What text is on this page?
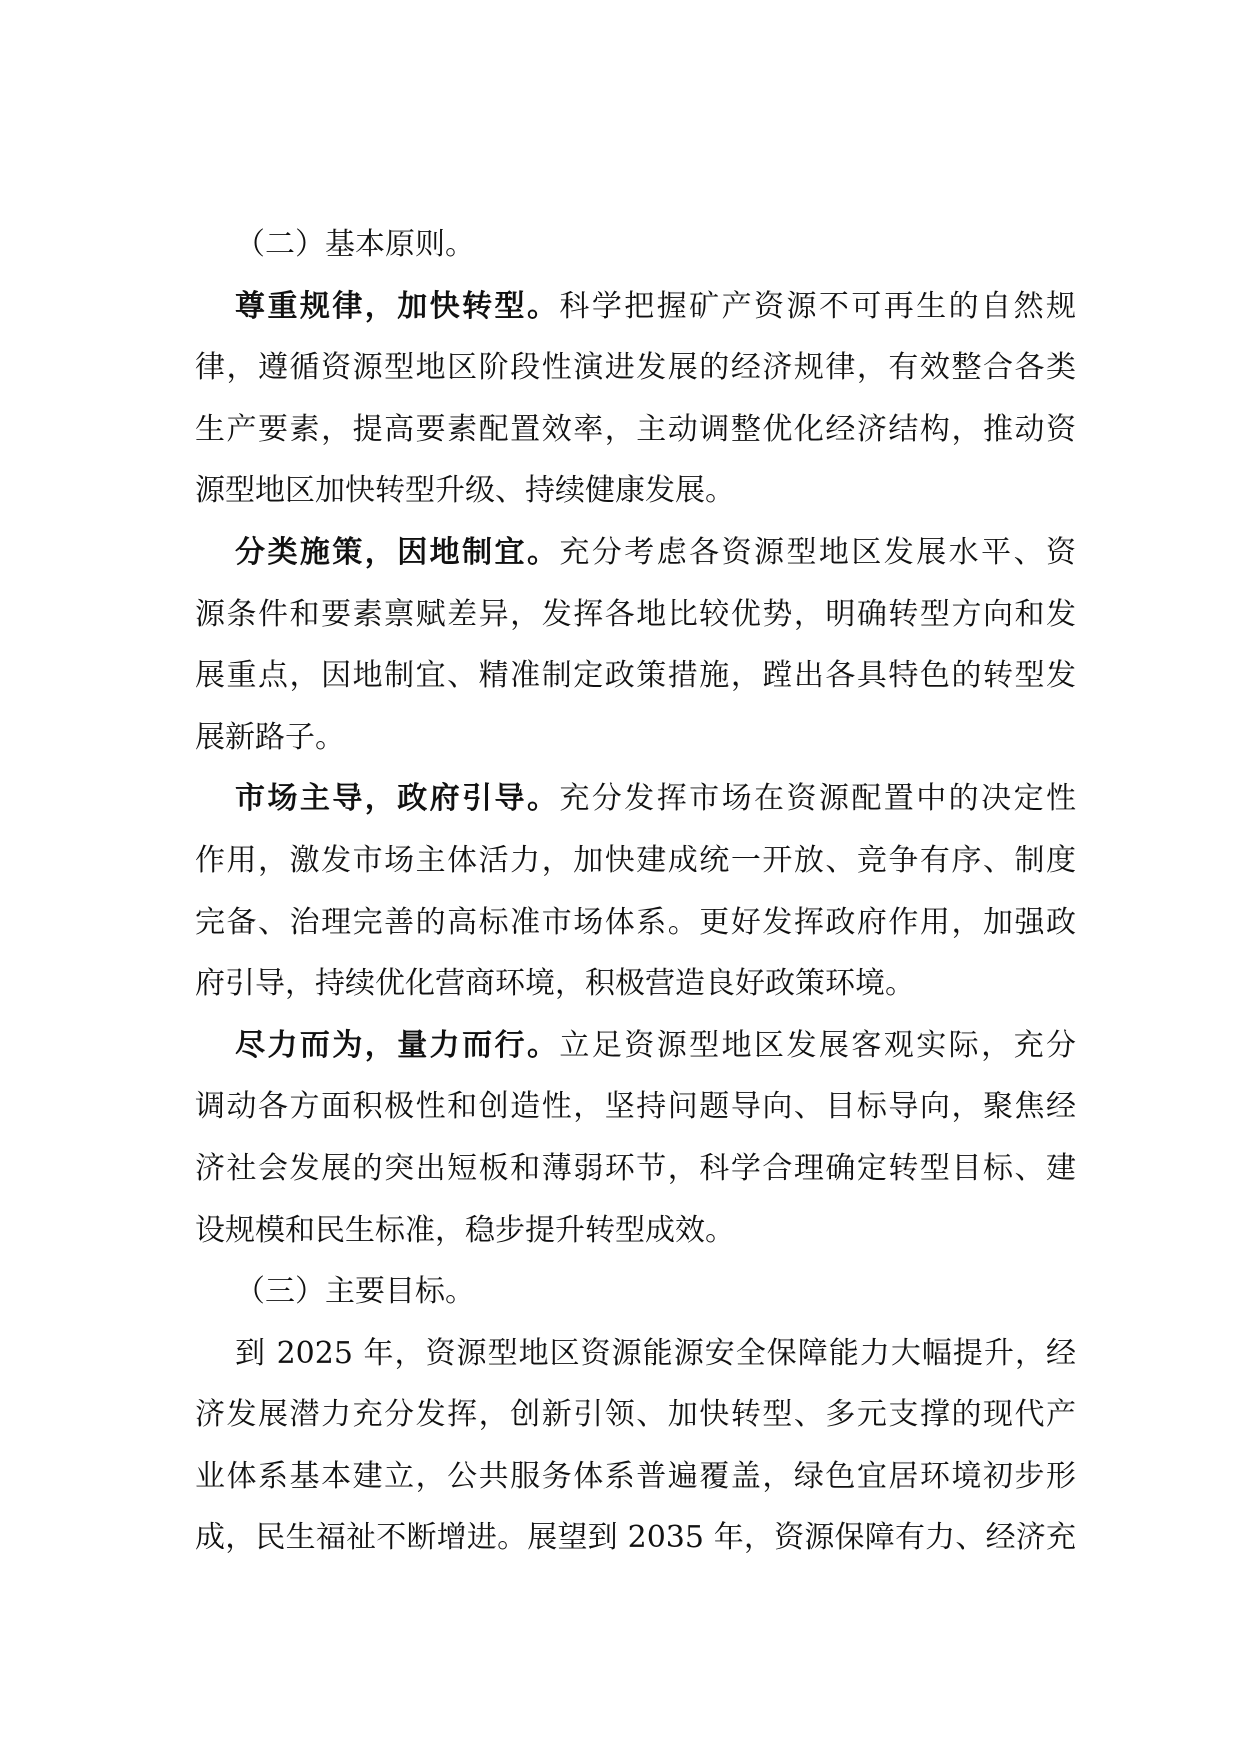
（二）基本原则。
尊重规律，加快转型。科学把握矿产资源不可再生的自然规
律，遵循资源型地区阶段性演进发展的经济规律，有效整合各类
生产要素，提高要素配置效率，主动调整优化经济结构，推动资
源型地区加快转型升级、持续健康发展。
分类施策，因地制宜。充分考虑各资源型地区发展水平、资
源条件和要素禀赋差异，发挥各地比较优势，明确转型方向和发
展重点，因地制宜、精准制定政策措施，蹚出各具特色的转型发
展新路子。
市场主导，政府引导。充分发挥市场在资源配置中的决定性
作用，激发市场主体活力，加快建成统一开放、竞争有序、制度
完备、治理完善的高标准市场体系。更好发挥政府作用，加强政
府引导，持续优化营商环境，积极营造良好政策环境。
尽力而为，量力而行。立足资源型地区发展客观实际，充分
调动各方面积极性和创造性，坚持问题导向、目标导向，聚焦经
济社会发展的突出短板和薄弱环节，科学合理确定转型目标、建
设规模和民生标准，稳步提升转型成效。
（三）主要目标。
到 2025 年，资源型地区资源能源安全保障能力大幅提升，经
济发展潜力充分发挥，创新引领、加快转型、多元支撑的现代产
业体系基本建立，公共服务体系普遍覆盖，绿色宜居环境初步形
成，民生福祉不断增进。展望到 2035 年，资源保障有力、经济充
